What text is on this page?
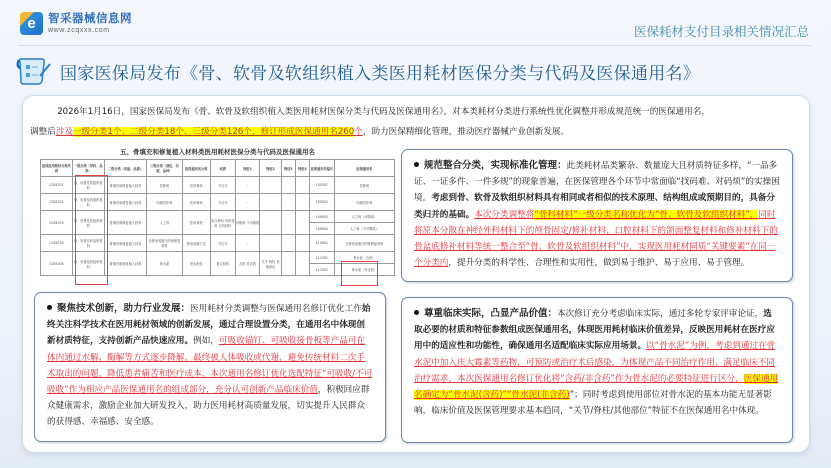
e	智采器械信息网
www.zcqxxx.com	医保耗材支付目录相关情况汇总
国家医保局发布《骨、软骨及软组织植入类医用耗材医保分类与代码及医保通用名》

2026年1月16日，国家医保局发布《骨、软骨及软组织植入类医用耗材医保分类与代码及医保通用名》，对本类耗材分类进行系统性优化调整并形成规范统一的医保通用名，

调整后涉及一级分类1个、二级分类18个、三级分类126个，修订形成医保通用名260个，助力医保精细化管理，推动医疗器械产业创新发展。
五、骨填充和修复植入材料类医用耗材医保分类与代码及医保通用名
医保医用耗材分类代码	一级分类（学科、品类）	二级分类（用途、品质）	三级分类（部位、功能、品种）	医保通用名分类	材质	特征1	特征2	特征3	特征4	医保通用名编号	医保通用名
C034701	骨、软骨及软组织材料	骨填充和修复植入材料	异种骨	医用骨块	不区分	-				105501	异种骨
C034702	骨、软骨及软组织材料	骨填充和修复植入材料	同种异体骨	医用骨块	不区分	-				105502	同种异体骨
C034703	骨、软骨及软组织材料	骨填充和修复植入材料	人工骨	医用骨块	复合材料 有机材料 无机材料	可吸收 不可吸收				109503	人工骨（可吸收）
										109504	人工骨（不可吸收）
C034704	骨、软骨及软组织材料	骨填充和修复植入材料	含骨形成蛋白的骨修复材料	骨形成蛋白类	不区分	-				110501	含骨形成蛋白的骨修复材料
C034705	骨、软骨及软组织材料	骨填充和修复植入材料	骨水泥	骨水泥类	复合材料	含药 非含药	关节 脊柱 其他部位			111501	骨水泥（含药）
										111502	骨水泥（非含药）
规范整合分类，实现标准化管理：此类耗材品类繁杂、数量庞大且材质特征多样，“一品多证、一证多件、一件多规”的现象普遍，在医保管理各个环节中常面临“找码难、对码烦”的实操困境。考虑到骨、软骨及软组织材料具有相同或者相似的技术原理、结构组成或预期目的，具备分类归并的基础。本次分类调整将“骨科材料”一级分类名称优化为“骨、软骨及软组织材料”，同时将原本分散在神经外科材料下的颅骨固定/修补材料、口腔材料下的颌面整复材料和修补材料下的骨盆底修补材料等统一整合至“骨、软骨及软组织材料”中，实现医用耗材同质“关键要素”在同一个分类内，提升分类的科学性、合理性和实用性，做到易于维护、易于应用、易于管理。
聚焦技术创新，助力行业发展：医用耗材分类调整与医保通用名修订优化工作始终关注科学技术在医用耗材领域的创新发展，通过合理设置分类，在通用名中体现创新材质特征，支持创新产品快速应用。例如，可吸收锚钉、可吸收接骨板等产品可在体内通过水解、酶解等方式逐步降解，最终被人体吸收或代谢，避免传统材料二次手术取出的问题，降低患者痛苦和医疗成本，本次通用名修订优化选配特征“可吸收/不可吸收”作为相应产品医保通用名的组成部分，充分认可创新产品临床价值，积极回应群众健康需求，激励企业加大研发投入，助力医用耗材高质量发展，切实提升人民群众的获得感、幸福感、安全感。
尊重临床实际，凸显产品价值：本次修订充分考虑临床实际，通过多轮专家评审论证，选取必要的材质和特征参数组成医保通用名，体现医用耗材临床价值差异，反映医用耗材在医疗应用中的适应性和功能性，确保通用名适配临床实际应用场景。以“骨水泥”为例，考虑到通过在骨水泥中加入庆大霉素等药物，可预防或治疗术后感染，为体现产品不同治疗作用、满足临床不同治疗需求，本次医保通用名修订优化将“含药/非含药”作为骨水泥的必要特征进行区分，医保通用名确定为“骨水泥(含药)”“骨水泥(非含药)”；同时考虑到使用部位对骨水泥的基本功能无显著影响，临床价值及医保管理要求基本趋同，“关节/脊柱/其他部位”特征不在医保通用名中体现。
